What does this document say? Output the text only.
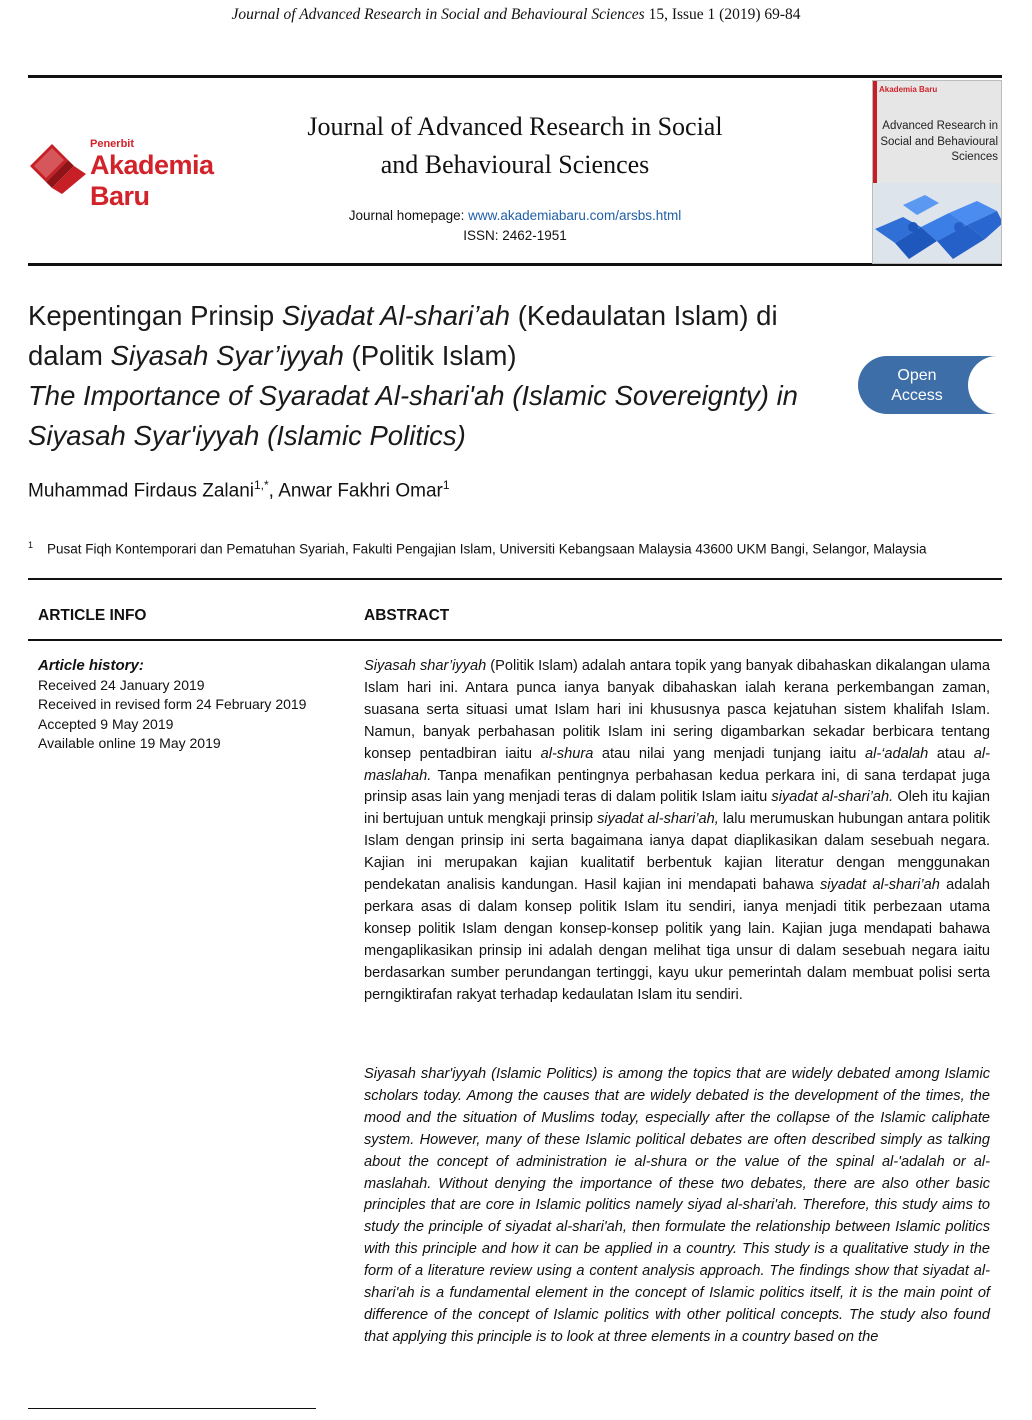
Journal of Advanced Research in Social and Behavioural Sciences 15, Issue 1 (2019) 69-84
Penerbit
Akademia Baru
Journal of Advanced Research in Social
and Behavioural Sciences
Journal homepage: www.akademiabaru.com/arsbs.html
ISSN: 2462-1951
Akademia Baru
Advanced Research in Social and Behavioural Sciences
Kepentingan Prinsip Siyadat Al-shari’ah (Kedaulatan Islam) di
dalam Siyasah Syar’iyyah (Politik Islam)
The Importance of Syaradat Al-shari'ah (Islamic Sovereignty) in
Siyasah Syar'iyyah (Islamic Politics)
Open
Access
Muhammad Firdaus Zalani$^{1,*}$, Anwar Fakhri Omar$^1$
$^1$ Pusat Fiqh Kontemporari dan Pematuhan Syariah, Fakulti Pengajian Islam, Universiti Kebangsaan Malaysia 43600 UKM Bangi, Selangor, Malaysia
ARTICLE INFO	ABSTRACT
Article history:
Received 24 January 2019
Received in revised form 24 February 2019
Accepted 9 May 2019
Available online 19 May 2019

Siyasah shar’iyyah (Politik Islam) adalah antara topik yang banyak dibahaskan dikalangan ulama Islam hari ini. Antara punca ianya banyak dibahaskan ialah kerana perkembangan zaman, suasana serta situasi umat Islam hari ini khususnya pasca kejatuhan sistem khalifah Islam. Namun, banyak perbahasan politik Islam ini sering digambarkan sekadar berbicara tentang konsep pentadbiran iaitu al-shura atau nilai yang menjadi tunjang iaitu al-‘adalah atau al-maslahah. Tanpa menafikan pentingnya perbahasan kedua perkara ini, di sana terdapat juga prinsip asas lain yang menjadi teras di dalam politik Islam iaitu siyadat al-shari’ah. Oleh itu kajian ini bertujuan untuk mengkaji prinsip siyadat al-shari’ah, lalu merumuskan hubungan antara politik Islam dengan prinsip ini serta bagaimana ianya dapat diaplikasikan dalam sesebuah negara. Kajian ini merupakan kajian kualitatif berbentuk kajian literatur dengan menggunakan pendekatan analisis kandungan. Hasil kajian ini mendapati bahawa siyadat al-shari’ah adalah perkara asas di dalam konsep politik Islam itu sendiri, ianya menjadi titik perbezaan utama konsep politik Islam dengan konsep-konsep politik yang lain. Kajian juga mendapati bahawa mengaplikasikan prinsip ini adalah dengan melihat tiga unsur di dalam sesebuah negara iaitu berdasarkan sumber perundangan tertinggi, kayu ukur pemerintah dalam membuat polisi serta perngiktirafan rakyat terhadap kedaulatan Islam itu sendiri.

Siyasah shar'iyyah (Islamic Politics) is among the topics that are widely debated among Islamic scholars today. Among the causes that are widely debated is the development of the times, the mood and the situation of Muslims today, especially after the collapse of the Islamic caliphate system. However, many of these Islamic political debates are often described simply as talking about the concept of administration ie al-shura or the value of the spinal al-'adalah or al-maslahah. Without denying the importance of these two debates, there are also other basic principles that are core in Islamic politics namely siyad al-shari'ah. Therefore, this study aims to study the principle of siyadat al-shari'ah, then formulate the relationship between Islamic politics with this principle and how it can be applied in a country. This study is a qualitative study in the form of a literature review using a content analysis approach. The findings show that siyadat al-shari'ah is a fundamental element in the concept of Islamic politics itself, it is the main point of difference of the concept of Islamic politics with other political concepts. The study also found that applying this principle is to look at three elements in a country based on the
